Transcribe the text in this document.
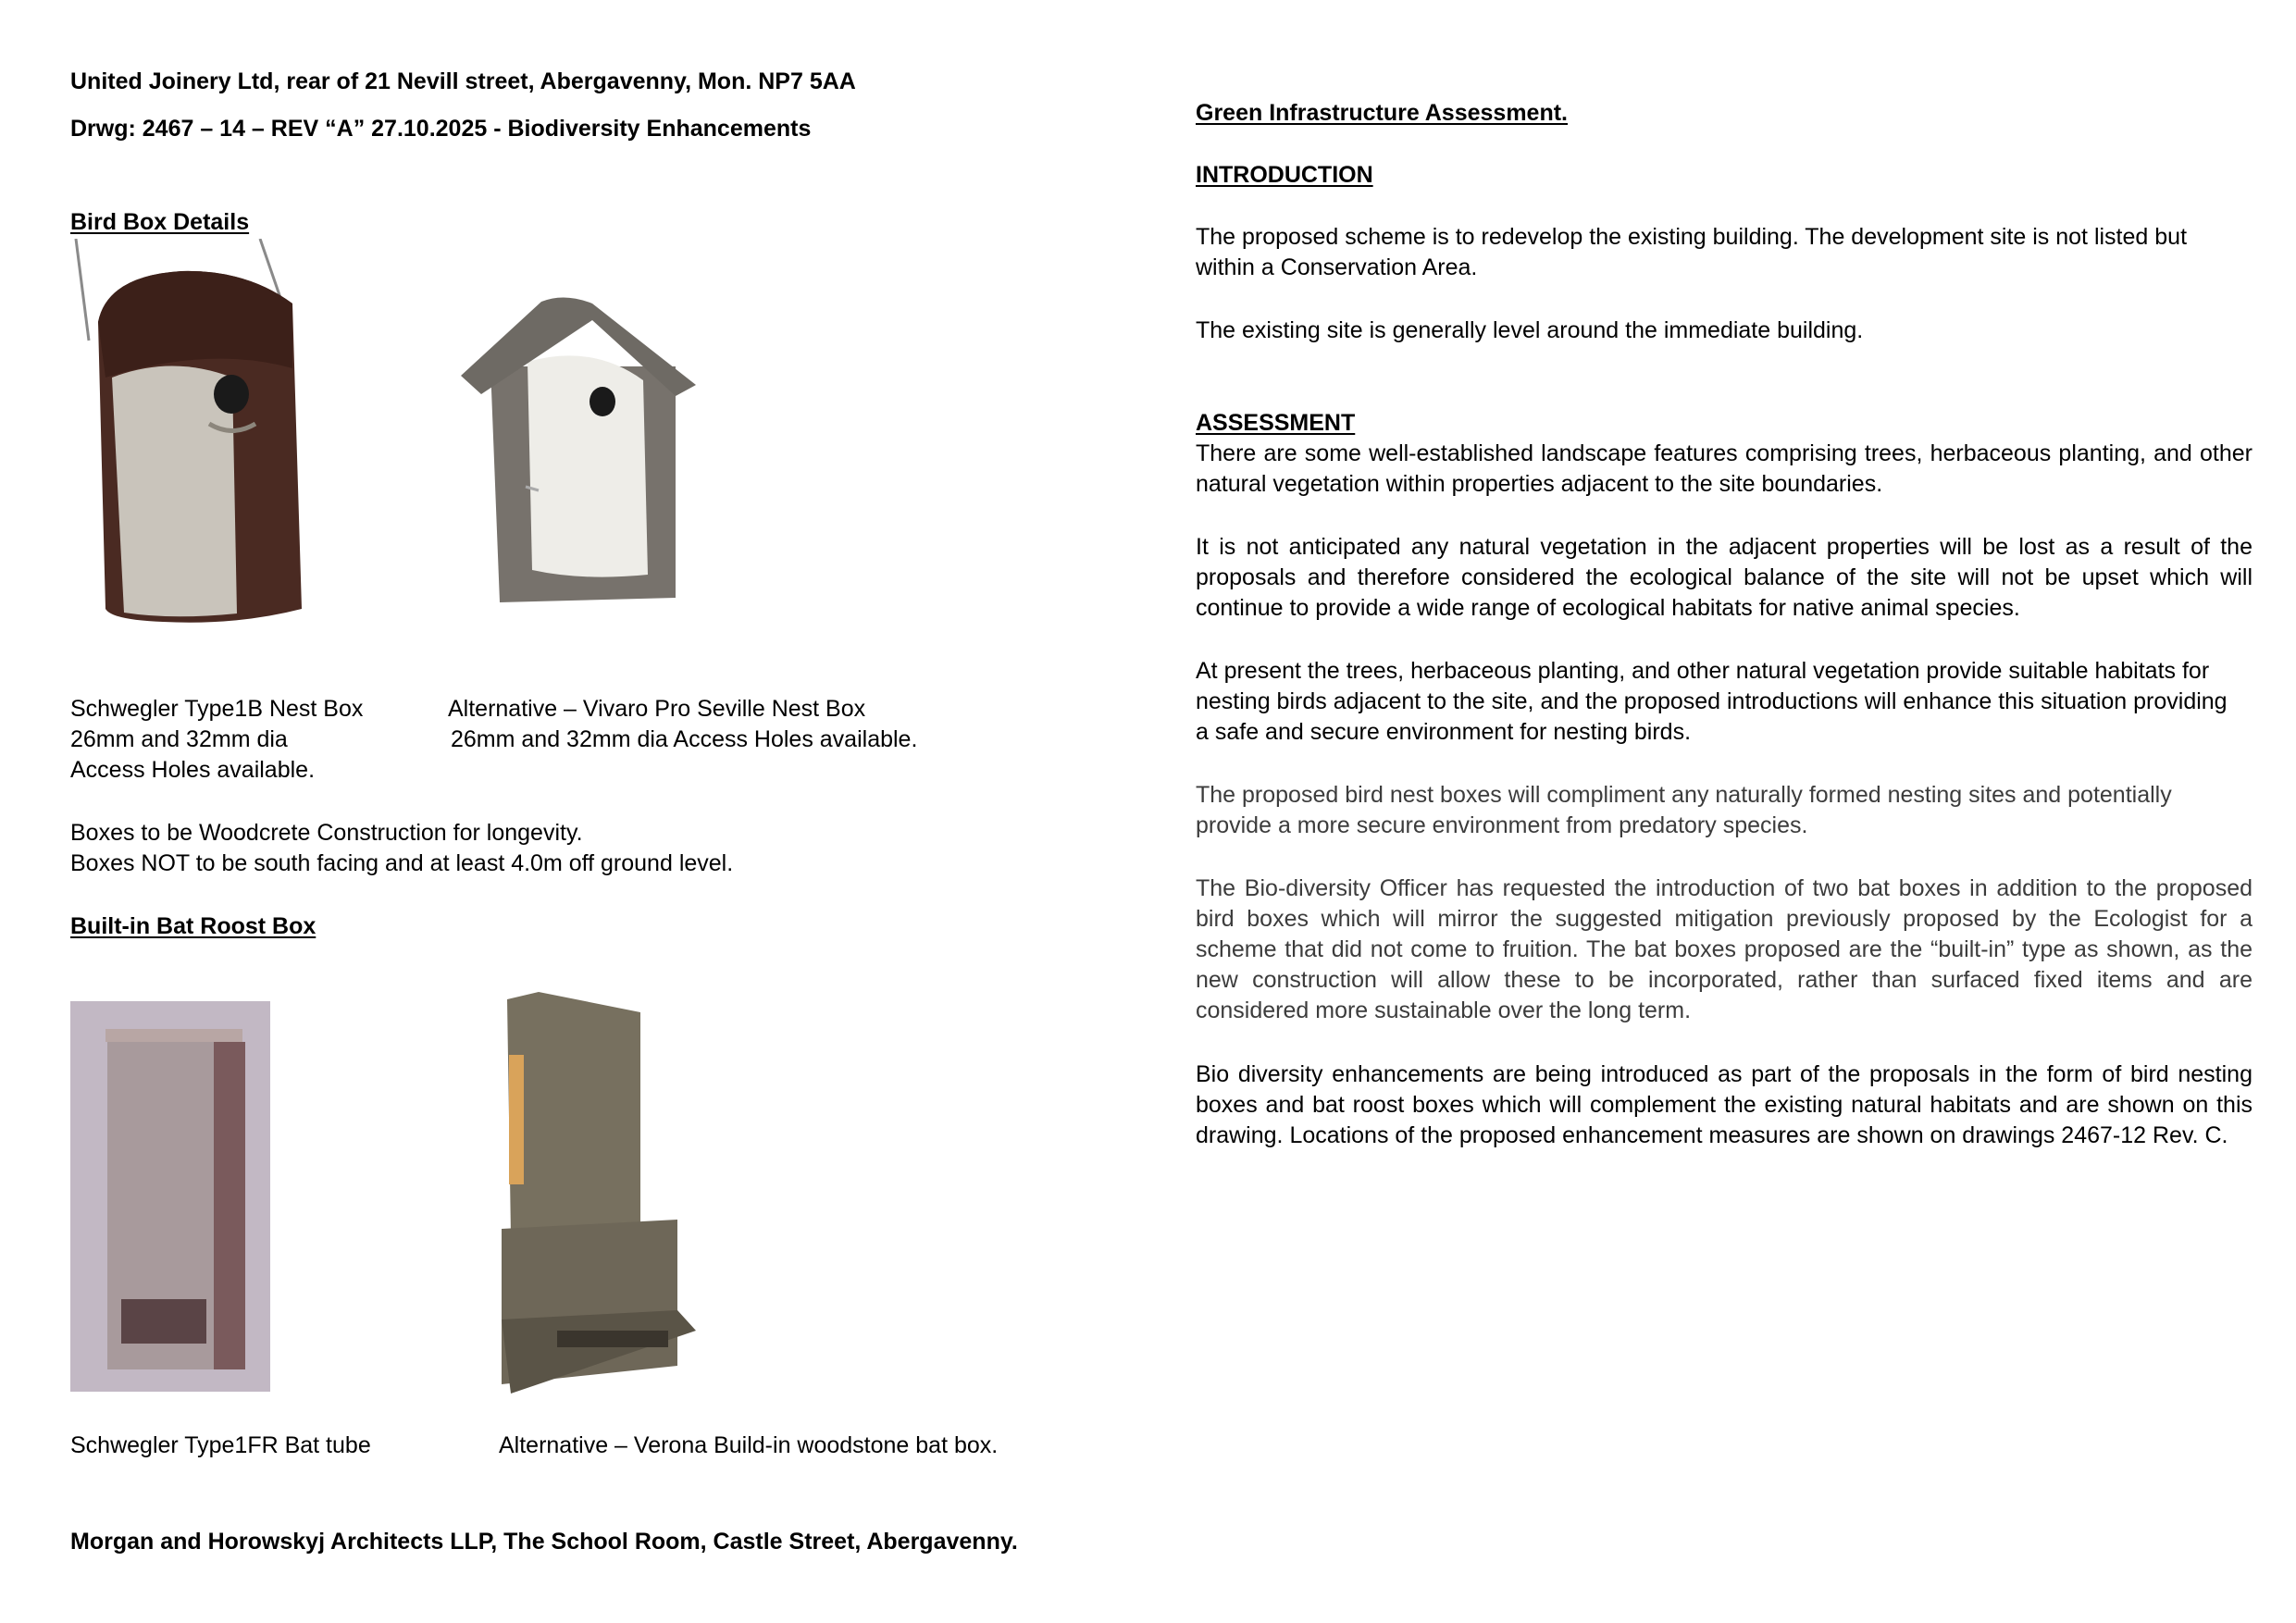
United Joinery Ltd, rear of 21 Nevill street, Abergavenny, Mon. NP7 5AA
Drwg: 2467 – 14 – REV “A” 27.10.2025 - Biodiversity Enhancements
Bird Box Details

Schwegler Type1B Nest Box

26mm and 32mm dia

Access Holes available.

Alternative – Vivaro Pro Seville Nest Box

26mm and 32mm dia Access Holes available.

Boxes to be Woodcrete Construction for longevity.

Boxes NOT to be south facing and at least 4.0m off ground level.

Built-in Bat Roost Box
Schwegler Type1FR Bat tube	Alternative – Verona Build-in woodstone bat box.
Morgan and Horowskyj Architects LLP, The School Room, Castle Street, Abergavenny.
Green Infrastructure Assessment.
INTRODUCTION
The proposed scheme is to redevelop the existing building. The development site is not listed but within a Conservation Area.
The existing site is generally level around the immediate building.
ASSESSMENT
There are some well-established landscape features comprising trees, herbaceous planting, and other natural vegetation within properties adjacent to the site boundaries.
It is not anticipated any natural vegetation in the adjacent properties will be lost as a result of the proposals and therefore considered the ecological balance of the site will not be upset which will continue to provide a wide range of ecological habitats for native animal species.
At present the trees, herbaceous planting, and other natural vegetation provide suitable habitats for nesting birds adjacent to the site, and the proposed introductions will enhance this situation providing a safe and secure environment for nesting birds.
The proposed bird nest boxes will compliment any naturally formed nesting sites and potentially provide a more secure environment from predatory species.
The Bio-diversity Officer has requested the introduction of two bat boxes in addition to the proposed bird boxes which will mirror the suggested mitigation previously proposed by the Ecologist for a scheme that did not come to fruition. The bat boxes proposed are the “built-in” type as shown, as the new construction will allow these to be incorporated, rather than surfaced fixed items and are considered more sustainable over the long term.
Bio diversity enhancements are being introduced as part of the proposals in the form of bird nesting boxes and bat roost boxes which will complement the existing natural habitats and are shown on this drawing. Locations of the proposed enhancement measures are shown on drawings 2467-12 Rev. C.
